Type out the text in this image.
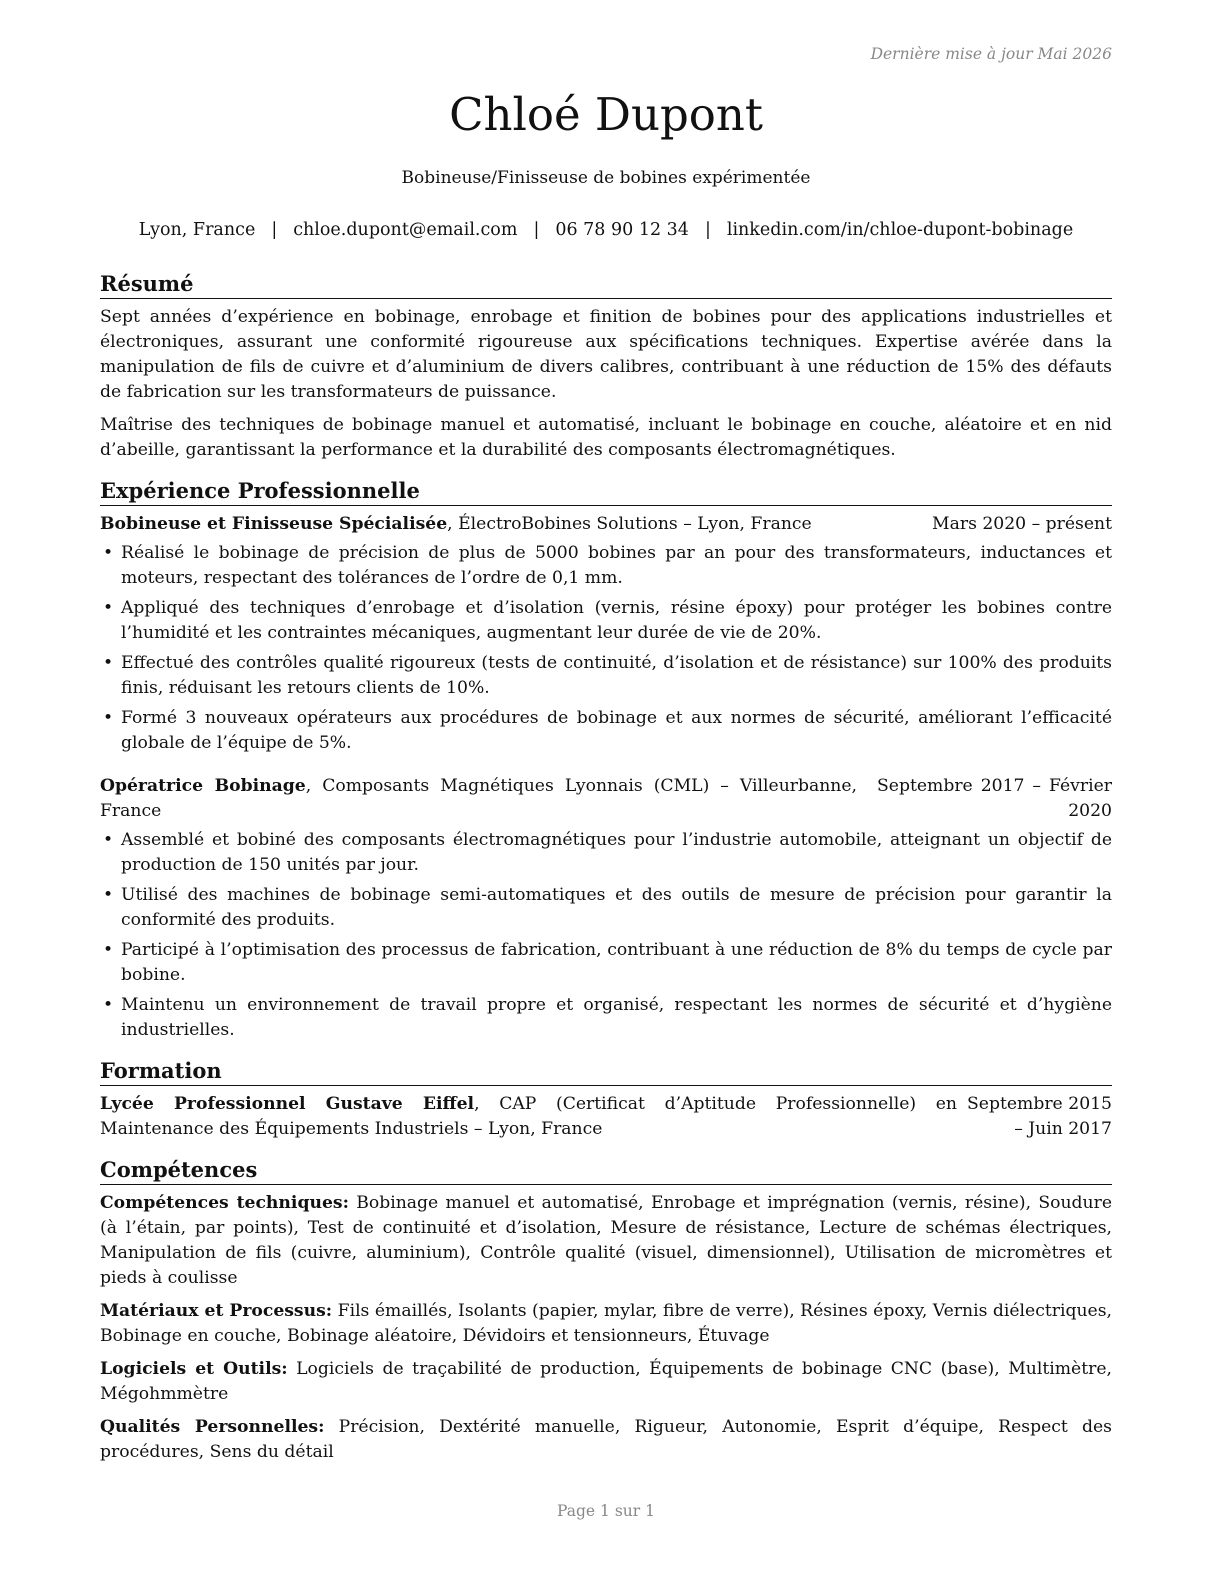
Dernière mise à jour Mai 2026
Chloé Dupont
Bobineuse/Finisseuse de bobines expérimentée
Lyon, France | chloe.dupont@email.com | 06 78 90 12 34 | linkedin.com/in/chloe-dupont-bobinage
Résumé

Sept années d’expérience en bobinage, enrobage et finition de bobines pour des applications industrielles et électroniques, assurant une conformité rigoureuse aux spécifications techniques. Expertise avérée dans la manipulation de fils de cuivre et d’aluminium de divers calibres, contribuant à une réduction de 15% des défauts de fabrication sur les transformateurs de puissance.

Maîtrise des techniques de bobinage manuel et automatisé, incluant le bobinage en couche, aléatoire et en nid d’abeille, garantissant la performance et la durabilité des composants électromagnétiques.

Expérience Professionnelle
Bobineuse et Finisseuse Spécialisée, ÉlectroBobines Solutions – Lyon, France	Mars 2020 – présent
• Réalisé le bobinage de précision de plus de 5000 bobines par an pour des transformateurs, inductances et moteurs, respectant des tolérances de l’ordre de 0,1 mm.
• Appliqué des techniques d’enrobage et d’isolation (vernis, résine époxy) pour protéger les bobines contre l’humidité et les contraintes mécaniques, augmentant leur durée de vie de 20%.
• Effectué des contrôles qualité rigoureux (tests de continuité, d’isolation et de résistance) sur 100% des produits finis, réduisant les retours clients de 10%.
• Formé 3 nouveaux opérateurs aux procédures de bobinage et aux normes de sécurité, améliorant l’efficacité globale de l’équipe de 5%.
Opératrice Bobinage, Composants Magnétiques Lyonnais (CML) – Villeurbanne, France
Septembre 2017 – Février 2020
• Assemblé et bobiné des composants électromagnétiques pour l’industrie automobile, atteignant un objectif de production de 150 unités par jour.
• Utilisé des machines de bobinage semi-automatiques et des outils de mesure de précision pour garantir la conformité des produits.
• Participé à l’optimisation des processus de fabrication, contribuant à une réduction de 8% du temps de cycle par bobine.
• Maintenu un environnement de travail propre et organisé, respectant les normes de sécurité et d’hygiène industrielles.
Formation
Lycée Professionnel Gustave Eiffel, CAP (Certificat d’Aptitude Professionnelle) en Maintenance des Équipements Industriels – Lyon, France
Septembre 2015 – Juin 2017
Compétences

Compétences techniques: Bobinage manuel et automatisé, Enrobage et imprégnation (vernis, résine), Soudure (à l’étain, par points), Test de continuité et d’isolation, Mesure de résistance, Lecture de schémas électriques, Manipulation de fils (cuivre, aluminium), Contrôle qualité (visuel, dimensionnel), Utilisation de micromètres et pieds à coulisse

Matériaux et Processus: Fils émaillés, Isolants (papier, mylar, fibre de verre), Résines époxy, Vernis diélectriques, Bobinage en couche, Bobinage aléatoire, Dévidoirs et tensionneurs, Étuvage

Logiciels et Outils: Logiciels de traçabilité de production, Équipements de bobinage CNC (base), Multimètre, Mégohmmètre

Qualités Personnelles: Précision, Dextérité manuelle, Rigueur, Autonomie, Esprit d’équipe, Respect des procédures, Sens du détail

Page 1 sur 1
